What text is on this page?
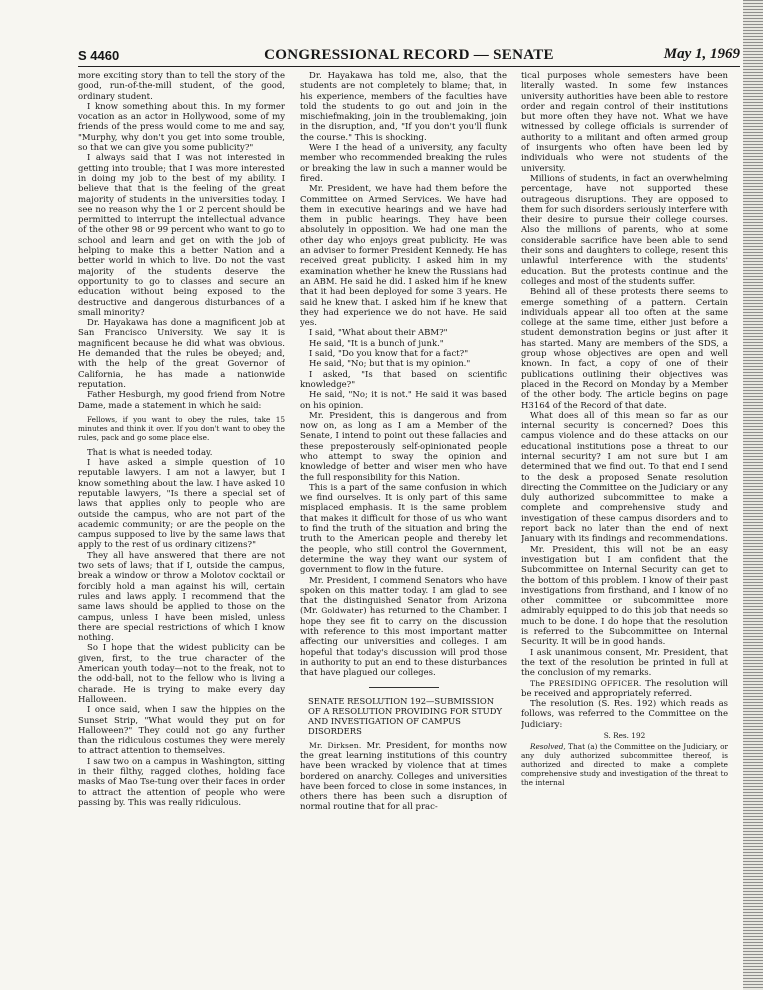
S 4460	CONGRESSIONAL RECORD — SENATE	May 1, 1969

more exciting story than to tell the story of the good, run-of-the-mill student, of the good, ordinary student.

I know something about this. In my former vocation as an actor in Hollywood, some of my friends of the press would come to me and say, "Murphy, why don't you get into some trouble, so that we can give you some publicity?"

I always said that I was not interested in getting into trouble; that I was more interested in doing my job to the best of my ability. I believe that that is the feeling of the great majority of students in the universities today. I see no reason why the 1 or 2 percent should be permitted to interrupt the intellectual advance of the other 98 or 99 percent who want to go to school and learn and get on with the job of helping to make this a better Nation and a better world in which to live. Do not the vast majority of the students deserve the opportunity to go to classes and secure an education without being exposed to the destructive and dangerous disturbances of a small minority?

Dr. Hayakawa has done a magnificent job at San Francisco University. We say it is magnificent because he did what was obvious. He demanded that the rules be obeyed; and, with the help of the great Governor of California, he has made a nationwide reputation.

Father Hesburgh, my good friend from Notre Dame, made a statement in which he said:

Fellows, if you want to obey the rules, take 15 minutes and think it over. If you don't want to obey the rules, pack and go some place else.

That is what is needed today.

I have asked a simple question of 10 reputable lawyers. I am not a lawyer, but I know something about the law. I have asked 10 reputable lawyers, "Is there a special set of laws that applies only to people who are outside the campus, who are not part of the academic community; or are the people on the campus supposed to live by the same laws that apply to the rest of us ordinary citizens?"

They all have answered that there are not two sets of laws; that if I, outside the campus, break a window or throw a Molotov cocktail or forcibly hold a man against his will, certain rules and laws apply. I recommend that the same laws should be applied to those on the campus, unless I have been misled, unless there are special restrictions of which I know nothing.

So I hope that the widest publicity can be given, first, to the true character of the American youth today—not to the freak, not to the odd-ball, not to the fellow who is living a charade. He is trying to make every day Halloween.

I once said, when I saw the hippies on the Sunset Strip, "What would they put on for Halloween?" They could not go any further than the ridiculous costumes they were merely to attract attention to themselves.

I saw two on a campus in Washington, sitting in their filthy, ragged clothes, holding face masks of Mao Tse-tung over their faces in order to attract the attention of people who were passing by. This was really ridiculous.

Dr. Hayakawa has told me, also, that the students are not completely to blame; that, in his experience, members of the faculties have told the students to go out and join in the mischiefmaking, join in the troublemaking, join in the disruption, and, "If you don't you'll flunk the course." This is shocking.

Were I the head of a university, any faculty member who recommended breaking the rules or breaking the law in such a manner would be fired.

Mr. President, we have had them before the Committee on Armed Services. We have had them in executive hearings and we have had them in public hearings. They have been absolutely in opposition. We had one man the other day who enjoys great publicity. He was an adviser to former President Kennedy. He has received great publicity. I asked him in my examination whether he knew the Russians had an ABM. He said he did. I asked him if he knew that it had been deployed for some 3 years. He said he knew that. I asked him if he knew that they had experience we do not have. He said yes.

I said, "What about their ABM?"

He said, "It is a bunch of junk."

I said, "Do you know that for a fact?"

He said, "No; but that is my opinion."

I asked, "Is that based on scientific knowledge?"

He said, "No; it is not." He said it was based on his opinion.

Mr. President, this is dangerous and from now on, as long as I am a Member of the Senate, I intend to point out these fallacies and these preposterously self-opinionated people who attempt to sway the opinion and knowledge of better and wiser men who have the full responsibility for this Nation.

This is a part of the same confusion in which we find ourselves. It is only part of this same misplaced emphasis. It is the same problem that makes it difficult for those of us who want to find the truth of the situation and bring the truth to the American people and thereby let the people, who still control the Government, determine the way they want our system of government to flow in the future.

Mr. President, I commend Senators who have spoken on this matter today. I am glad to see that the distinguished Senator from Arizona (Mr. Goldwater) has returned to the Chamber. I hope they see fit to carry on the discussion with reference to this most important matter affecting our universities and colleges. I am hopeful that today's discussion will prod those in authority to put an end to these disturbances that have plagued our colleges.

SENATE RESOLUTION 192—SUBMISSION OF A RESOLUTION PROVIDING FOR STUDY AND INVESTIGATION OF CAMPUS DISORDERS

Mr. Dirksen. Mr. President, for months now the great learning institutions of this country have been wracked by violence that at times bordered on anarchy. Colleges and universities have been forced to close in some instances, in others there has been such a disruption of normal routine that for all prac-

tical purposes whole semesters have been literally wasted. In some few instances university authorities have been able to restore order and regain control of their institutions but more often they have not. What we have witnessed by college officials is surrender of authority to a militant and often armed group of insurgents who often have been led by individuals who were not students of the university.

Millions of students, in fact an overwhelming percentage, have not supported these outrageous disruptions. They are opposed to them for such disorders seriously interfere with their desire to pursue their college courses. Also the millions of parents, who at some considerable sacrifice have been able to send their sons and daughters to college, resent this unlawful interference with the students' education. But the protests continue and the colleges and most of the students suffer.

Behind all of these protests there seems to emerge something of a pattern. Certain individuals appear all too often at the same college at the same time, either just before a student demonstration begins or just after it has started. Many are members of the SDS, a group whose objectives are open and well known. In fact, a copy of one of their publications outlining their objectives was placed in the Record on Monday by a Member of the other body. The article begins on page H3164 of the Record of that date.

What does all of this mean so far as our internal security is concerned? Does this campus violence and do these attacks on our educational institutions pose a threat to our internal security? I am not sure but I am determined that we find out. To that end I send to the desk a proposed Senate resolution directing the Committee on the Judiciary or any duly authorized subcommittee to make a complete and comprehensive study and investigation of these campus disorders and to report back no later than the end of next January with its findings and recommendations.

Mr. President, this will not be an easy investigation but I am confident that the Subcommittee on Internal Security can get to the bottom of this problem. I know of their past investigations from firsthand, and I know of no other committee or subcommittee more admirably equipped to do this job that needs so much to be done. I do hope that the resolution is referred to the Subcommittee on Internal Security. It will be in good hands.

I ask unanimous consent, Mr. President, that the text of the resolution be printed in full at the conclusion of my remarks.

The PRESIDING OFFICER. The resolution will be received and appropriately referred.

The resolution (S. Res. 192) which reads as follows, was referred to the Committee on the Judiciary:

S. Res. 192

Resolved, That (a) the Committee on the Judiciary, or any duly authorized subcommittee thereof, is authorized and directed to make a complete comprehensive study and investigation of the threat to the internal
